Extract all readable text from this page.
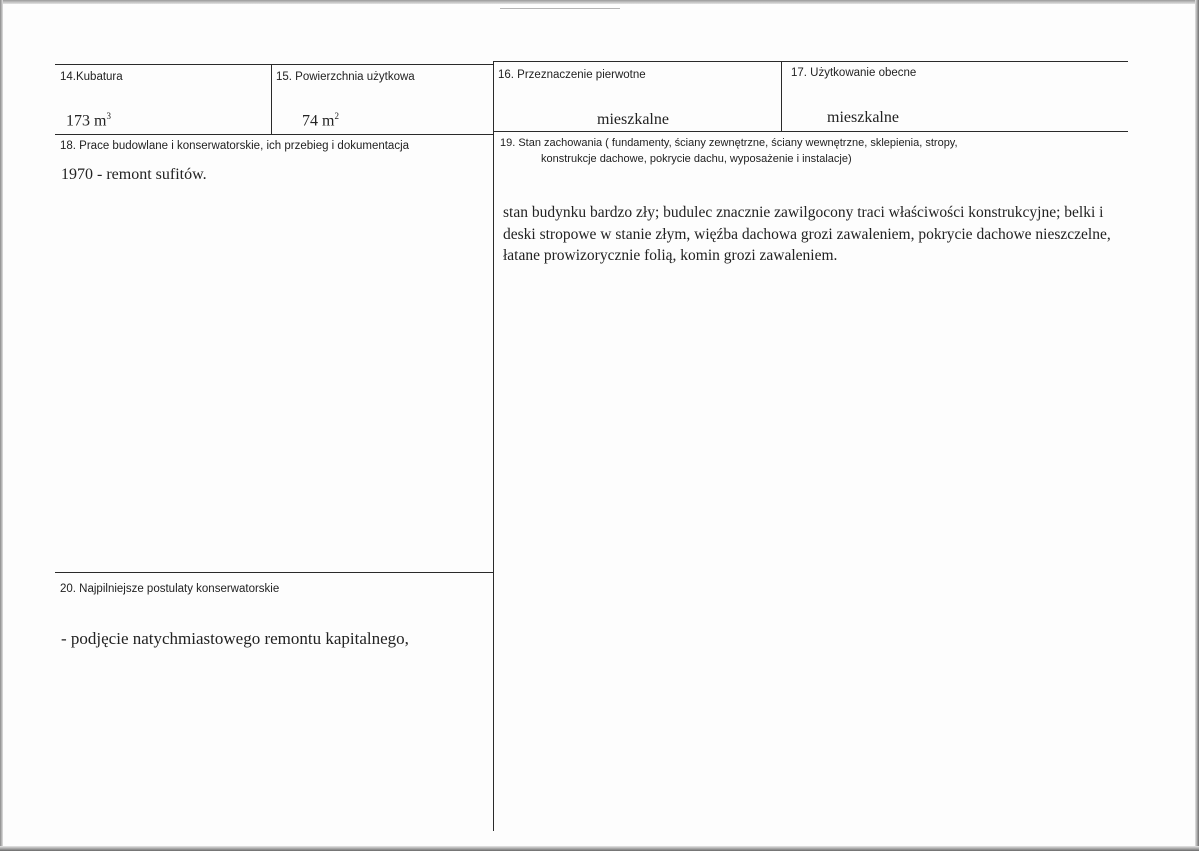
14.Kubatura
173 $m^3$
15. Powierzchnia użytkowa
74 $m^2$
16. Przeznaczenie pierwotne
mieszkalne
17. Użytkowanie obecne
mieszkalne
18. Prace budowlane i konserwatorskie, ich przebieg i dokumentacja
1970 - remont sufitów.
19. Stan zachowania ( fundamenty, ściany zewnętrzne, ściany wewnętrzne, sklepienia, stropy,
konstrukcje dachowe, pokrycie dachu, wyposażenie i instalacje)
stan budynku bardzo zły; budulec znacznie zawilgocony traci właściwości konstrukcyjne; belki i deski stropowe w stanie złym, więźba dachowa grozi zawaleniem, pokrycie dachowe nieszczelne, łatane prowizorycznie folią, komin grozi zawaleniem.
20. Najpilniejsze postulaty konserwatorskie
- podjęcie natychmiastowego remontu kapitalnego,
